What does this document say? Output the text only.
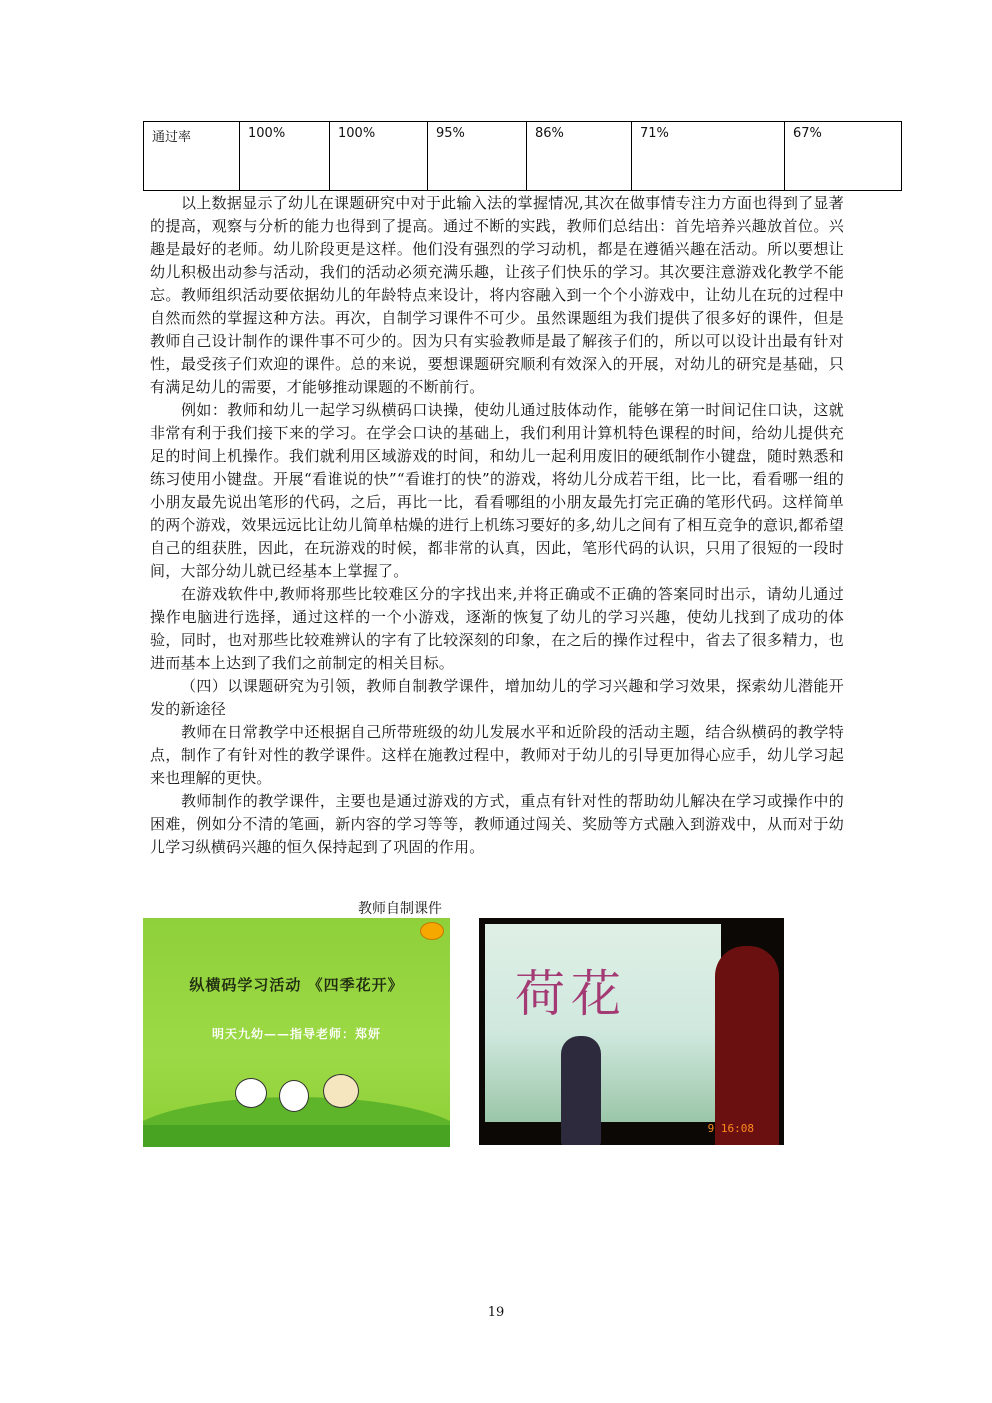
通过率	100%	100%	95%	86%	71%	67%

以上数据显示了幼儿在课题研究中对于此输入法的掌握情况,其次在做事情专注力方面也得到了显著的提高，观察与分析的能力也得到了提高。通过不断的实践，教师们总结出：首先培养兴趣放首位。兴趣是最好的老师。幼儿阶段更是这样。他们没有强烈的学习动机，都是在遵循兴趣在活动。所以要想让幼儿积极出动参与活动，我们的活动必须充满乐趣，让孩子们快乐的学习。其次要注意游戏化教学不能忘。教师组织活动要依据幼儿的年龄特点来设计，将内容融入到一个个小游戏中，让幼儿在玩的过程中自然而然的掌握这种方法。再次，自制学习课件不可少。虽然课题组为我们提供了很多好的课件，但是教师自己设计制作的课件事不可少的。因为只有实验教师是最了解孩子们的，所以可以设计出最有针对性，最受孩子们欢迎的课件。总的来说，要想课题研究顺利有效深入的开展，对幼儿的研究是基础，只有满足幼儿的需要，才能够推动课题的不断前行。

例如：教师和幼儿一起学习纵横码口诀操，使幼儿通过肢体动作，能够在第一时间记住口诀，这就非常有利于我们接下来的学习。在学会口诀的基础上，我们利用计算机特色课程的时间，给幼儿提供充足的时间上机操作。我们就利用区域游戏的时间，和幼儿一起利用废旧的硬纸制作小键盘，随时熟悉和练习使用小键盘。开展“看谁说的快”“看谁打的快”的游戏，将幼儿分成若干组，比一比，看看哪一组的小朋友最先说出笔形的代码，之后，再比一比，看看哪组的小朋友最先打完正确的笔形代码。这样简单的两个游戏，效果远远比让幼儿简单枯燥的进行上机练习要好的多,幼儿之间有了相互竞争的意识,都希望自己的组获胜，因此，在玩游戏的时候，都非常的认真，因此，笔形代码的认识，只用了很短的一段时间，大部分幼儿就已经基本上掌握了。

在游戏软件中,教师将那些比较难区分的字找出来,并将正确或不正确的答案同时出示，请幼儿通过操作电脑进行选择，通过这样的一个小游戏，逐渐的恢复了幼儿的学习兴趣，使幼儿找到了成功的体验，同时，也对那些比较难辨认的字有了比较深刻的印象，在之后的操作过程中，省去了很多精力，也进而基本上达到了我们之前制定的相关目标。

（四）以课题研究为引领，教师自制教学课件，增加幼儿的学习兴趣和学习效果，探索幼儿潜能开发的新途径

教师在日常教学中还根据自己所带班级的幼儿发展水平和近阶段的活动主题，结合纵横码的教学特点，制作了有针对性的教学课件。这样在施教过程中，教师对于幼儿的引导更加得心应手，幼儿学习起来也理解的更快。

教师制作的教学课件，主要也是通过游戏的方式，重点有针对性的帮助幼儿解决在学习或操作中的困难，例如分不清的笔画，新内容的学习等等，教师通过闯关、奖励等方式融入到游戏中，从而对于幼儿学习纵横码兴趣的恒久保持起到了巩固的作用。

教师自制课件
纵横码学习活动 《四季花开》
明天九幼——指导老师：郑妍
荷花
9 16:08
19
